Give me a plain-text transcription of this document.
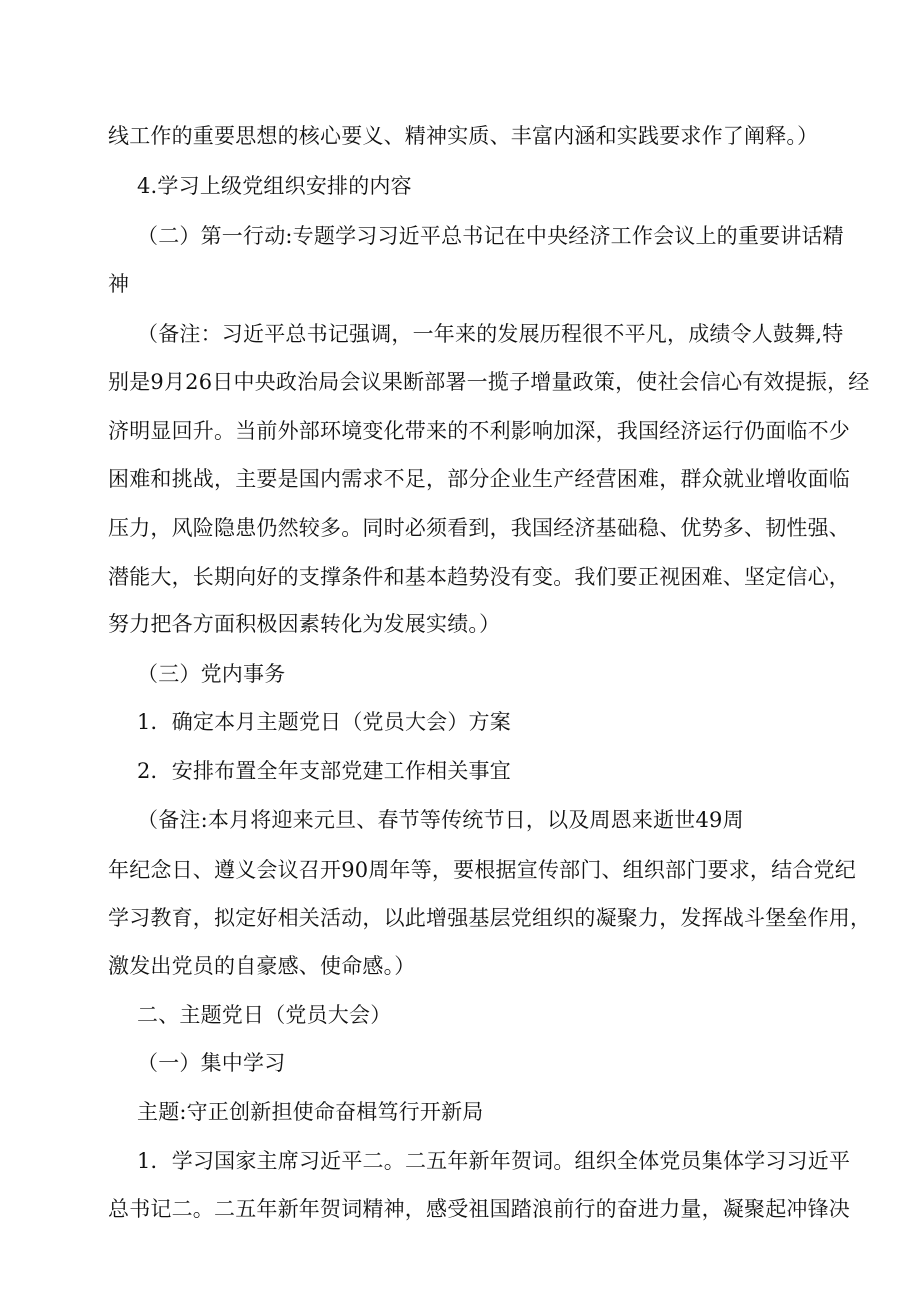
线工作的重要思想的核心要义、精神实质、丰富内涵和实践要求作了阐释。）
4.学习上级党组织安排的内容
（二）第一行动:专题学习习近平总书记在中央经济工作会议上的重要讲话精
神
（备注：习近平总书记强调，一年来的发展历程很不平凡，成绩令人鼓舞,特
别是9月26日中央政治局会议果断部署一揽子增量政策，使社会信心有效提振，经
济明显回升。当前外部环境变化带来的不利影响加深，我国经济运行仍面临不少
困难和挑战，主要是国内需求不足，部分企业生产经营困难，群众就业增收面临
压力，风险隐患仍然较多。同时必须看到，我国经济基础稳、优势多、韧性强、
潜能大，长期向好的支撑条件和基本趋势没有变。我们要正视困难、坚定信心，
努力把各方面积极因素转化为发展实绩。）
（三）党内事务
1．确定本月主题党日（党员大会）方案
2．安排布置全年支部党建工作相关事宜
（备注:本月将迎来元旦、春节等传统节日，以及周恩来逝世49周
年纪念日、遵义会议召开90周年等，要根据宣传部门、组织部门要求，结合党纪
学习教育，拟定好相关活动，以此增强基层党组织的凝聚力，发挥战斗堡垒作用，
激发出党员的自豪感、使命感。）
二、主题党日（党员大会）
（一）集中学习
主题:守正创新担使命奋楫笃行开新局
1．学习国家主席习近平二。二五年新年贺词。组织全体党员集体学习习近平
总书记二。二五年新年贺词精神，感受祖国踏浪前行的奋进力量，凝聚起冲锋决
